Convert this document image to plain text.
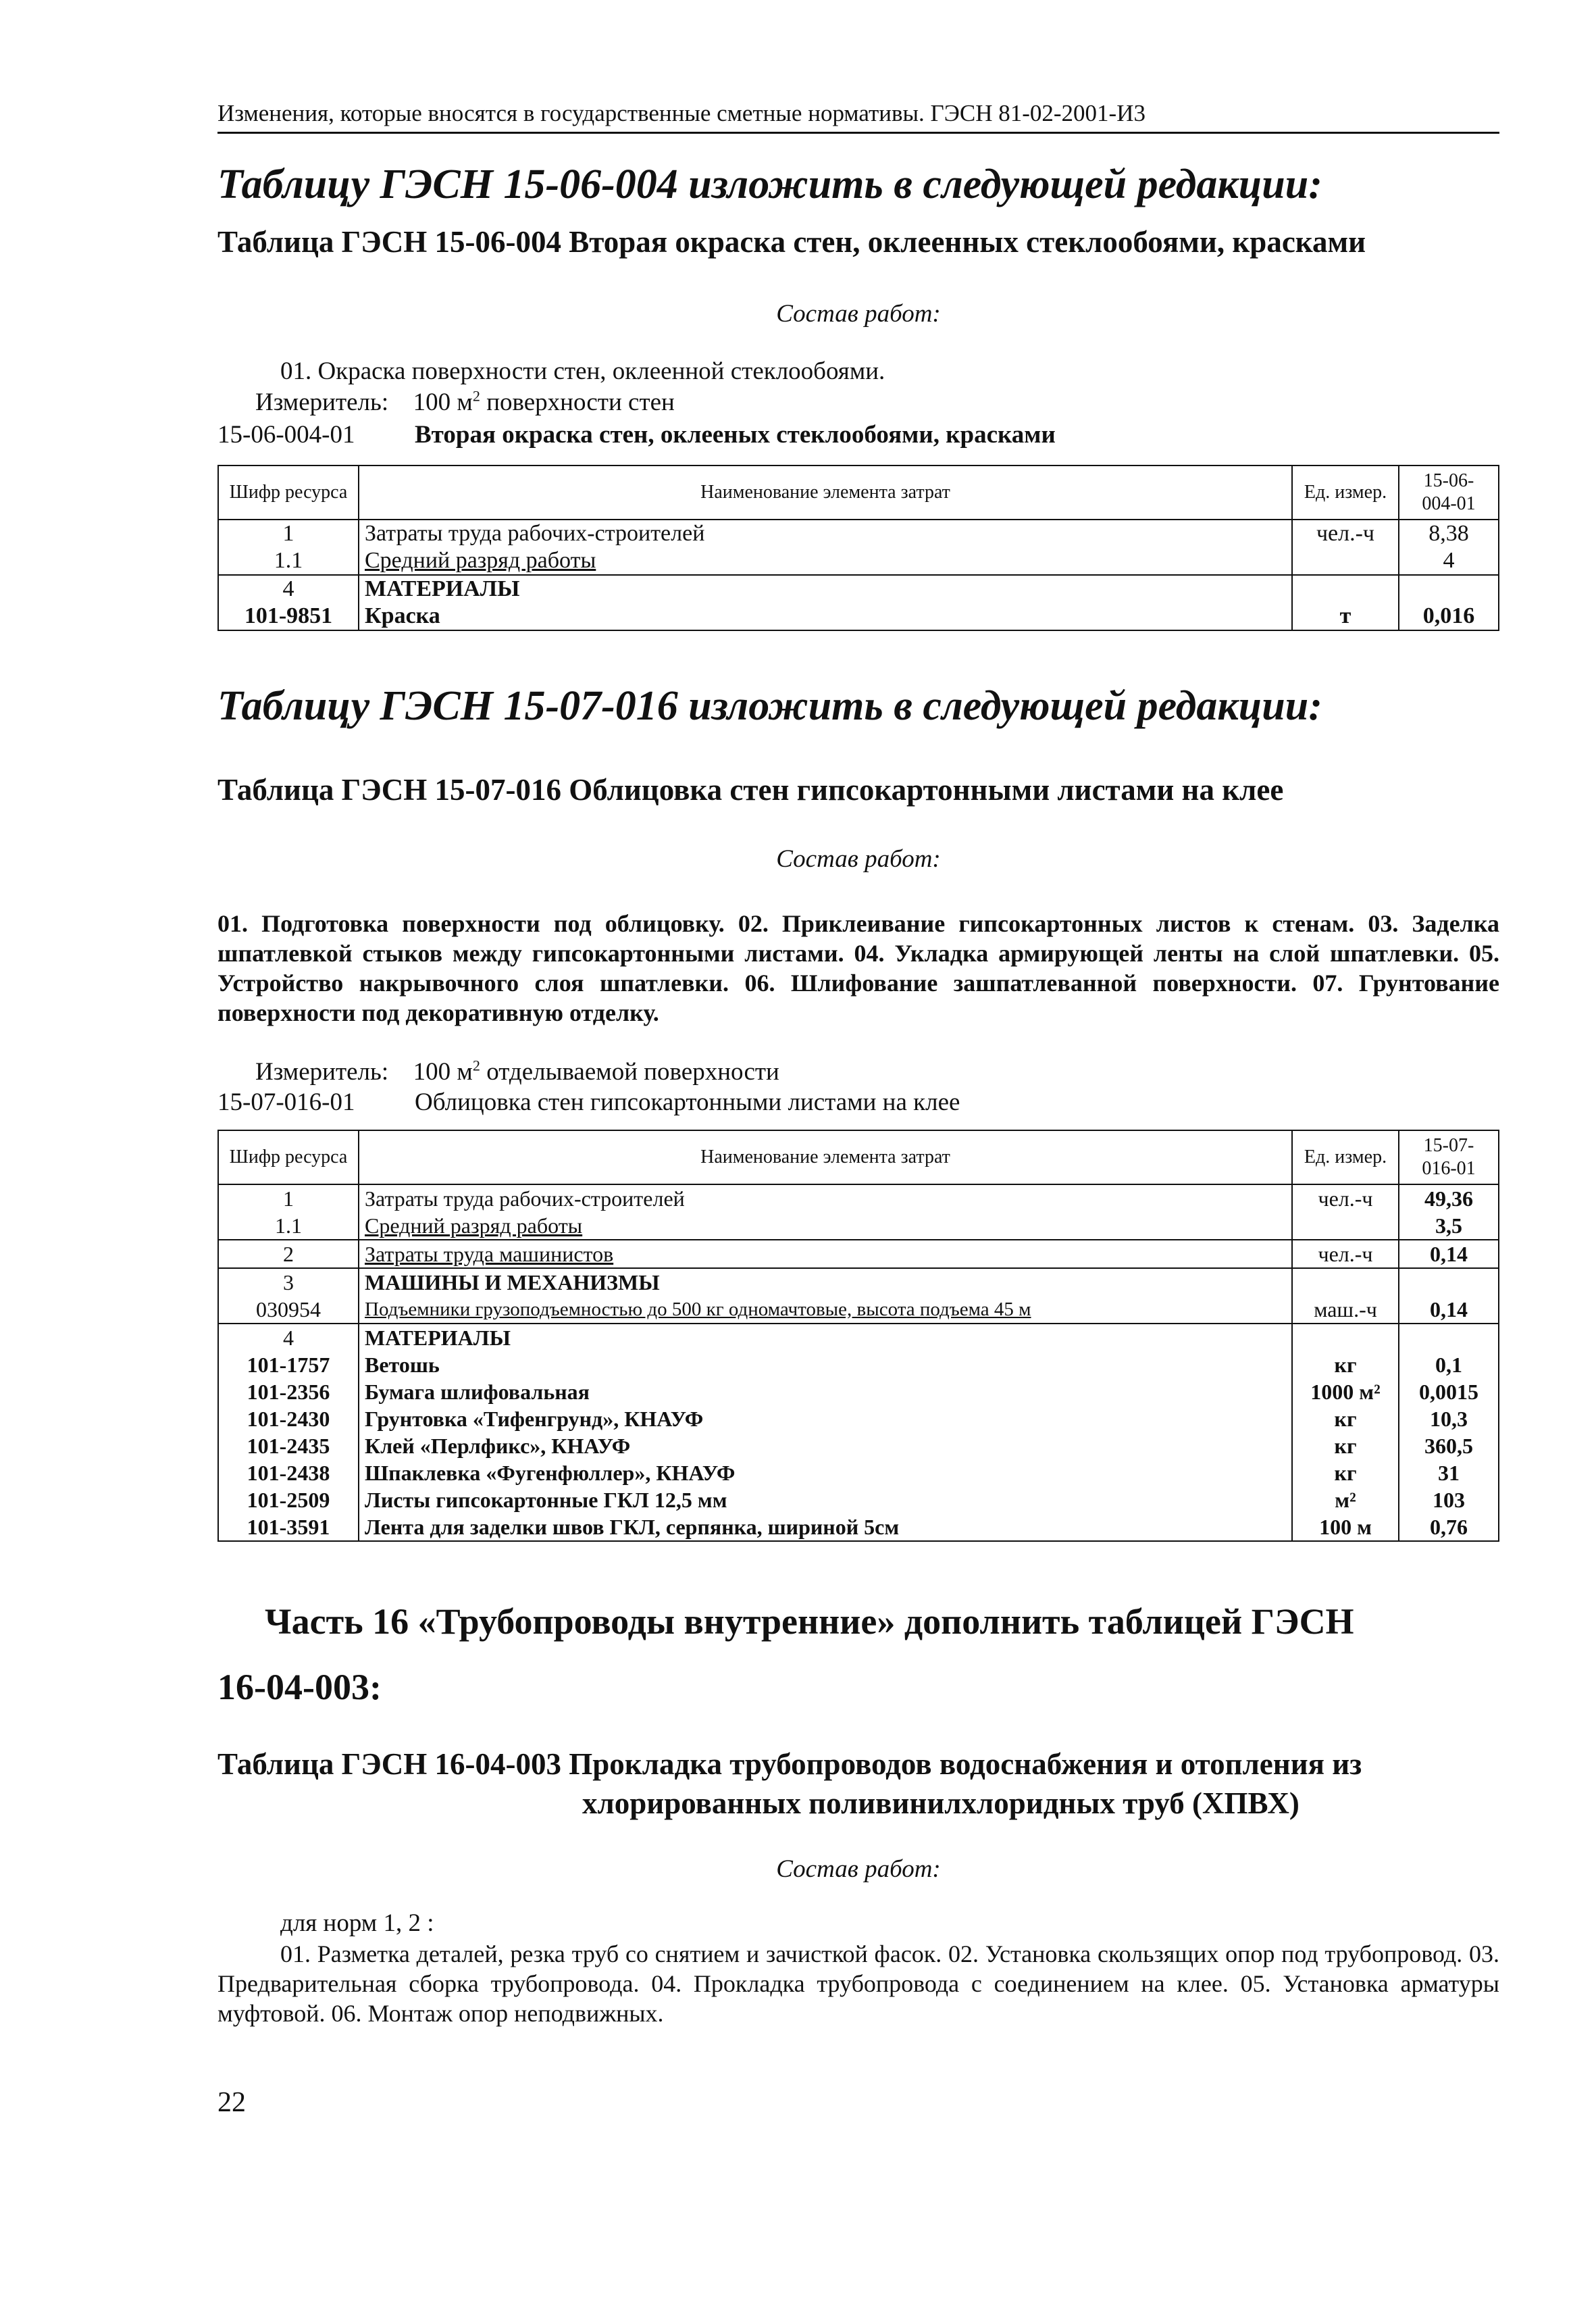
Изменения, которые вносятся в государственные сметные нормативы. ГЭСН 81-02-2001-И3
Таблицу ГЭСН 15-06-004 изложить в следующей редакции:
Таблица ГЭСН 15-06-004 Вторая окраска стен, оклеенных стеклообоями, красками
Состав работ:
01. Окраска поверхности стен, оклеенной стеклообоями.
Измеритель: 100 $м^2$ поверхности стен
15-06-004-01 Вторая окраска стен, оклееных стеклообоями, красками
Шифр ресурса	Наименование элемента затрат	Ед. измер.	15-06-004-01
1	Затраты труда рабочих-строителей	чел.-ч	8,38
1.1	Средний разряд работы		4
4	МАТЕРИАЛЫ		
101-9851	Краска	т	0,016
Таблицу ГЭСН 15-07-016 изложить в следующей редакции:
Таблица ГЭСН 15-07-016 Облицовка стен гипсокартонными листами на клее
Состав работ:
01. Подготовка поверхности под облицовку. 02. Приклеивание гипсокартонных листов к стенам. 03. Заделка шпатлевкой стыков между гипсокартонными листами. 04. Укладка армирующей ленты на слой шпатлевки. 05. Устройство накрывочного слоя шпатлевки. 06. Шлифование зашпатлеванной поверхности. 07. Грунтование поверхности под декоративную отделку.
Измеритель: 100 $м^2$ отделываемой поверхности
15-07-016-01 Облицовка стен гипсокартонными листами на клее
Шифр ресурса	Наименование элемента затрат	Ед. измер.	15-07-016-01
1	Затраты труда рабочих-строителей	чел.-ч	49,36
1.1	Средний разряд работы		3,5
2	Затраты труда машинистов	чел.-ч	0,14
3	МАШИНЫ И МЕХАНИЗМЫ		
030954	Подъемники грузоподъемностью до 500 кг одномачтовые, высота подъема 45 м	маш.-ч	0,14
4	МАТЕРИАЛЫ		
101-1757	Ветошь	кг	0,1
101-2356	Бумага шлифовальная	1000 м²	0,0015
101-2430	Грунтовка «Тифенгрунд», КНАУФ	кг	10,3
101-2435	Клей «Перлфикс», КНАУФ	кг	360,5
101-2438	Шпаклевка «Фугенфюллер», КНАУФ	кг	31
101-2509	Листы гипсокартонные ГКЛ 12,5 мм	м²	103
101-3591	Лента для заделки швов ГКЛ, серпянка, шириной 5см	100 м	0,76
Часть 16 «Трубопроводы внутренние» дополнить таблицей ГЭСН
16-04-003:
Таблица ГЭСН 16-04-003 Прокладка трубопроводов водоснабжения и отопления из
хлорированных поливинилхлоридных труб (ХПВХ)
Состав работ:
для норм 1, 2 :
01. Разметка деталей, резка труб со снятием и зачисткой фасок. 02. Установка скользящих опор под трубопровод. 03. Предварительная сборка трубопровода. 04. Прокладка трубопровода с соединением на клее. 05. Установка арматуры муфтовой. 06. Монтаж опор неподвижных.
22
